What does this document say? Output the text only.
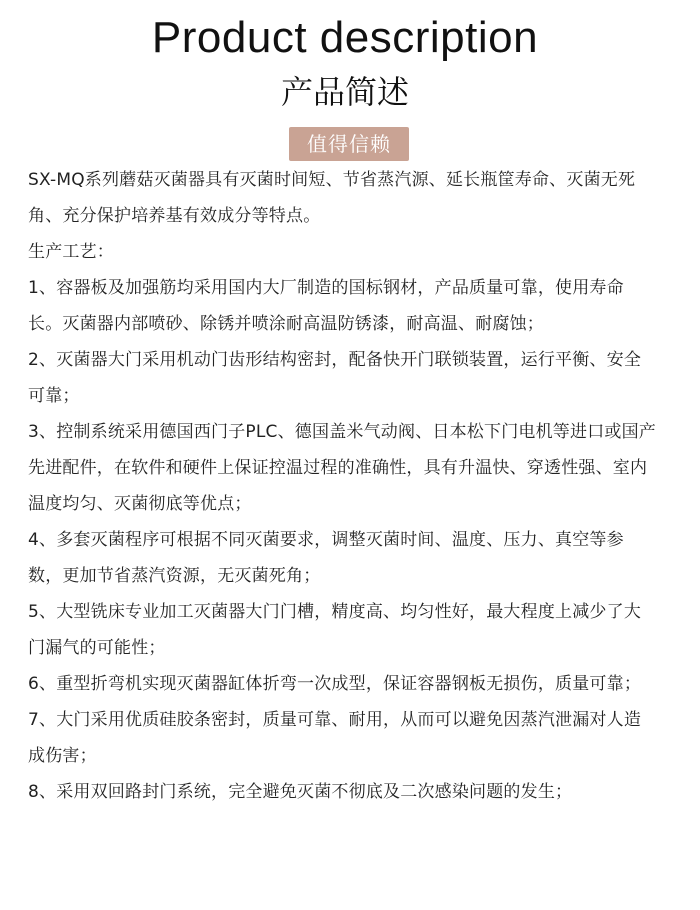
Product description
产品简述
值得信赖

SX-MQ系列蘑菇灭菌器具有灭菌时间短、节省蒸汽源、延长瓶筐寿命、灭菌无死角、充分保护培养基有效成分等特点。

生产工艺：

1、容器板及加强筋均采用国内大厂制造的国标钢材，产品质量可靠，使用寿命长。灭菌器内部喷砂、除锈并喷涂耐高温防锈漆，耐高温、耐腐蚀；

2、灭菌器大门采用机动门齿形结构密封，配备快开门联锁装置，运行平衡、安全可靠；

3、控制系统采用德国西门子PLC、德国盖米气动阀、日本松下门电机等进口或国产先进配件，在软件和硬件上保证控温过程的准确性，具有升温快、穿透性强、室内温度均匀、灭菌彻底等优点；

4、多套灭菌程序可根据不同灭菌要求，调整灭菌时间、温度、压力、真空等参数，更加节省蒸汽资源，无灭菌死角；

5、大型铣床专业加工灭菌器大门门槽，精度高、均匀性好，最大程度上减少了大门漏气的可能性；

6、重型折弯机实现灭菌器缸体折弯一次成型，保证容器钢板无损伤，质量可靠；

7、大门采用优质硅胶条密封，质量可靠、耐用，从而可以避免因蒸汽泄漏对人造成伤害；

8、采用双回路封门系统，完全避免灭菌不彻底及二次感染问题的发生；
